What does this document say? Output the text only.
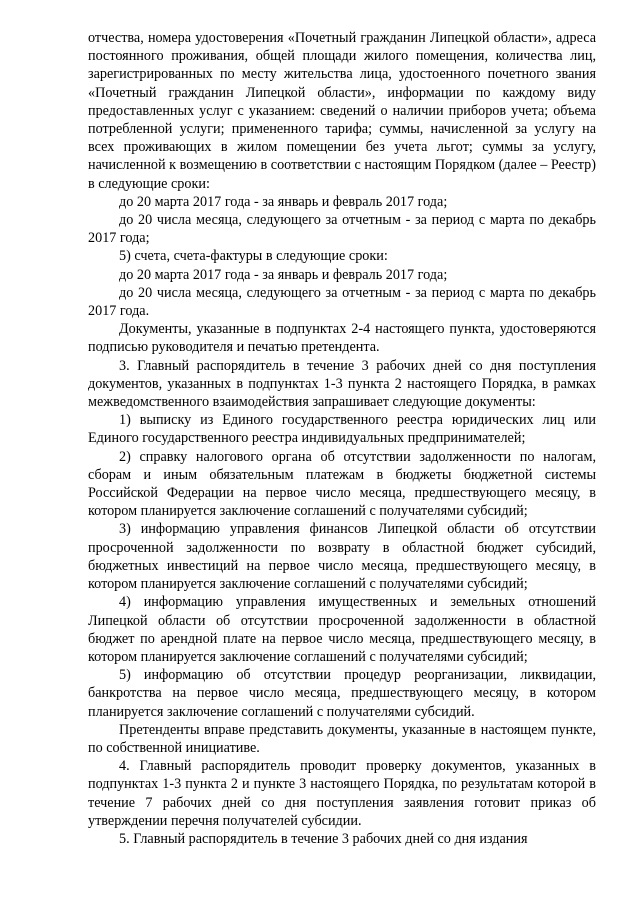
отчества, номера удостоверения «Почетный гражданин Липецкой области», адреса постоянного проживания, общей площади жилого помещения, количества лиц, зарегистрированных по месту жительства лица, удостоенного почетного звания «Почетный гражданин Липецкой области», информации по каждому виду предоставленных услуг с указанием: сведений о наличии приборов учета; объема потребленной услуги; примененного тарифа; суммы, начисленной за услугу на всех проживающих в жилом помещении без учета льгот; суммы за услугу, начисленной к возмещению в соответствии с настоящим Порядком (далее – Реестр) в следующие сроки:

до 20 марта 2017 года - за январь и февраль 2017 года;

до 20 числа месяца, следующего за отчетным - за период с марта по декабрь 2017 года;

5) счета, счета-фактуры в следующие сроки:

до 20 марта 2017 года - за январь и февраль 2017 года;

до 20 числа месяца, следующего за отчетным - за период с марта по декабрь 2017 года.

Документы, указанные в подпунктах 2-4 настоящего пункта, удостоверяются подписью руководителя и печатью претендента.

3. Главный распорядитель в течение 3 рабочих дней со дня поступления документов, указанных в подпунктах 1-3 пункта 2 настоящего Порядка, в рамках межведомственного взаимодействия запрашивает следующие документы:

1) выписку из Единого государственного реестра юридических лиц или Единого государственного реестра индивидуальных предпринимателей;

2) справку налогового органа об отсутствии задолженности по налогам, сборам и иным обязательным платежам в бюджеты бюджетной системы Российской Федерации на первое число месяца, предшествующего месяцу, в котором планируется заключение соглашений с получателями субсидий;

3) информацию управления финансов Липецкой области об отсутствии просроченной задолженности по возврату в областной бюджет субсидий, бюджетных инвестиций на первое число месяца, предшествующего месяцу, в котором планируется заключение соглашений с получателями субсидий;

4) информацию управления имущественных и земельных отношений Липецкой области об отсутствии просроченной задолженности в областной бюджет по арендной плате на первое число месяца, предшествующего месяцу, в котором планируется заключение соглашений с получателями субсидий;

5) информацию об отсутствии процедур реорганизации, ликвидации, банкротства на первое число месяца, предшествующего месяцу, в котором планируется заключение соглашений с получателями субсидий.

Претенденты вправе представить документы, указанные в настоящем пункте, по собственной инициативе.

4. Главный распорядитель проводит проверку документов, указанных в подпунктах 1-3 пункта 2 и пункте 3 настоящего Порядка, по результатам которой в течение 7 рабочих дней со дня поступления заявления готовит приказ об утверждении перечня получателей субсидии.

5. Главный распорядитель в течение 3 рабочих дней со дня издания
